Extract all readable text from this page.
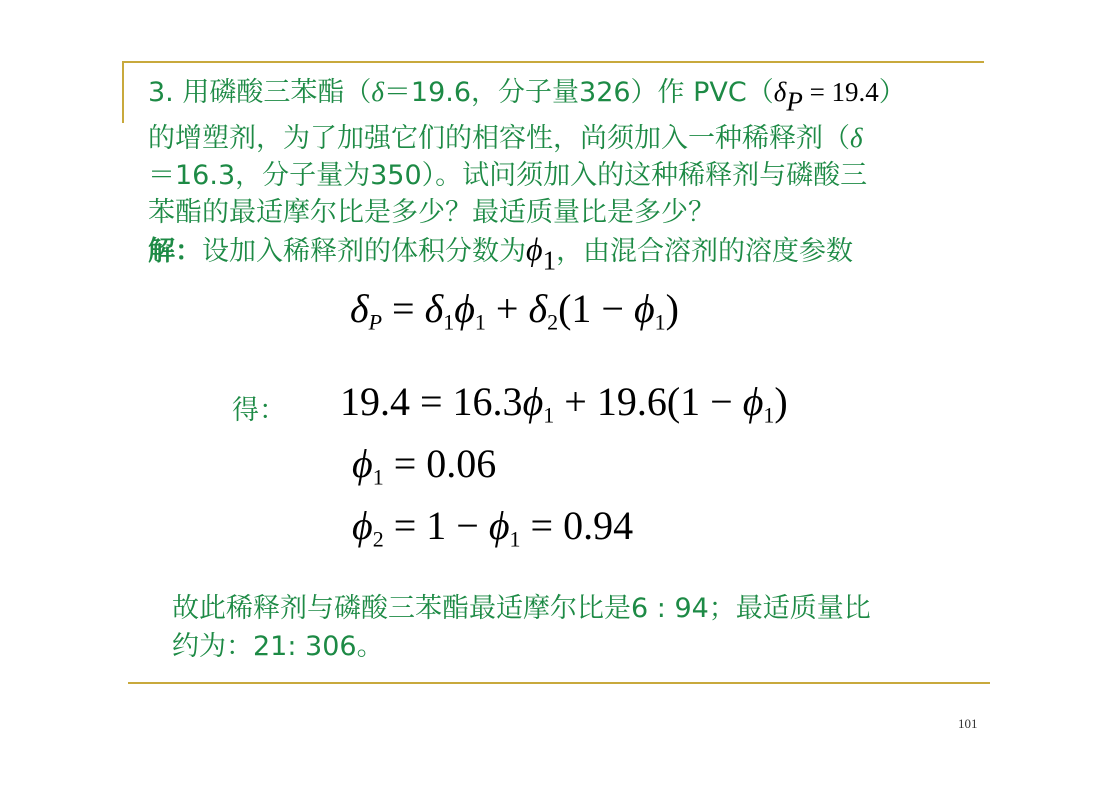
3. 用磷酸三苯酯（δ＝19.6，分子量326）作 $PVC(\delta_P = 19.4)$
的增塑剂，为了加强它们的相容性，尚须加入一种稀释剂（δ
＝16.3，分子量为350）。试问须加入的这种稀释剂与磷酸三
苯酯的最适摩尔比是多少？最适质量比是多少？
解：设加入稀释剂的体积分数为$\phi_1$，由混合溶剂的溶度参数
$\delta_P = \delta_1\phi_1 + \delta_2(1 - \phi_1)$
得： $19.4 = 16.3\phi_1 + 19.6(1 - \phi_1)$
$\phi_1 = 0.06$
$\phi_2 = 1 - \phi_1 = 0.94$
故此稀释剂与磷酸三苯酯最适摩尔比是6 : 94；最适质量比
约为：21: 306。
101
